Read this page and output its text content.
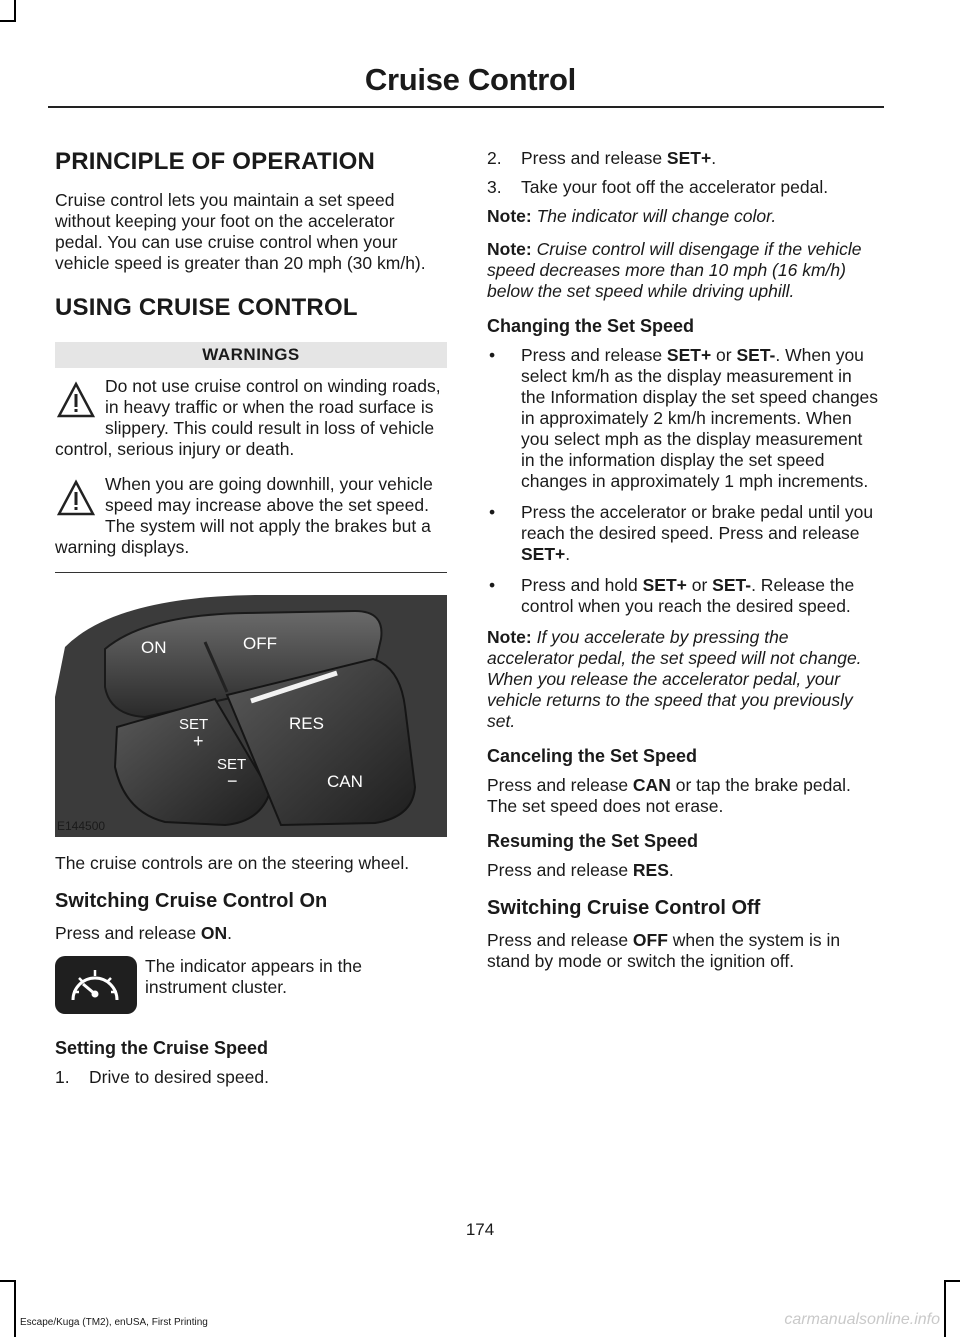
Cruise Control
PRINCIPLE OF OPERATION

Cruise control lets you maintain a set speed without keeping your foot on the accelerator pedal. You can use cruise control when your vehicle speed is greater than 20 mph (30 km/h).

USING CRUISE CONTROL
WARNINGS
Do not use cruise control on winding roads, in heavy traffic or when the road surface is slippery. This could result in loss of vehicle control, serious injury or death.
When you are going downhill, your vehicle speed may increase above the set speed. The system will not apply the brakes but a warning displays.
ON	OFF
SET
+
SET
−
RES
CAN
E144500

The cruise controls are on the steering wheel.

Switching Cruise Control On

Press and release ON.

The indicator appears in the instrument cluster.
Setting the Cruise Speed
1. Drive to desired speed.
2. Press and release SET+.
3. Take your foot off the accelerator pedal.
Note: The indicator will change color.
Note: Cruise control will disengage if the vehicle speed decreases more than 10 mph (16 km/h) below the set speed while driving uphill.
Changing the Set Speed
• Press and release SET+ or SET-. When you select km/h as the display measurement in the Information display the set speed changes in approximately 2 km/h increments. When you select mph as the display measurement in the information display the set speed changes in approximately 1 mph increments.
• Press the accelerator or brake pedal until you reach the desired speed. Press and release SET+.
• Press and hold SET+ or SET-. Release the control when you reach the desired speed.
Note: If you accelerate by pressing the accelerator pedal, the set speed will not change. When you release the accelerator pedal, your vehicle returns to the speed that you previously set.
Canceling the Set Speed

Press and release CAN or tap the brake pedal. The set speed does not erase.

Resuming the Set Speed

Press and release RES.

Switching Cruise Control Off

Press and release OFF when the system is in stand by mode or switch the ignition off.

174
Escape/Kuga (TM2), enUSA, First Printing	carmanualsonline.info
